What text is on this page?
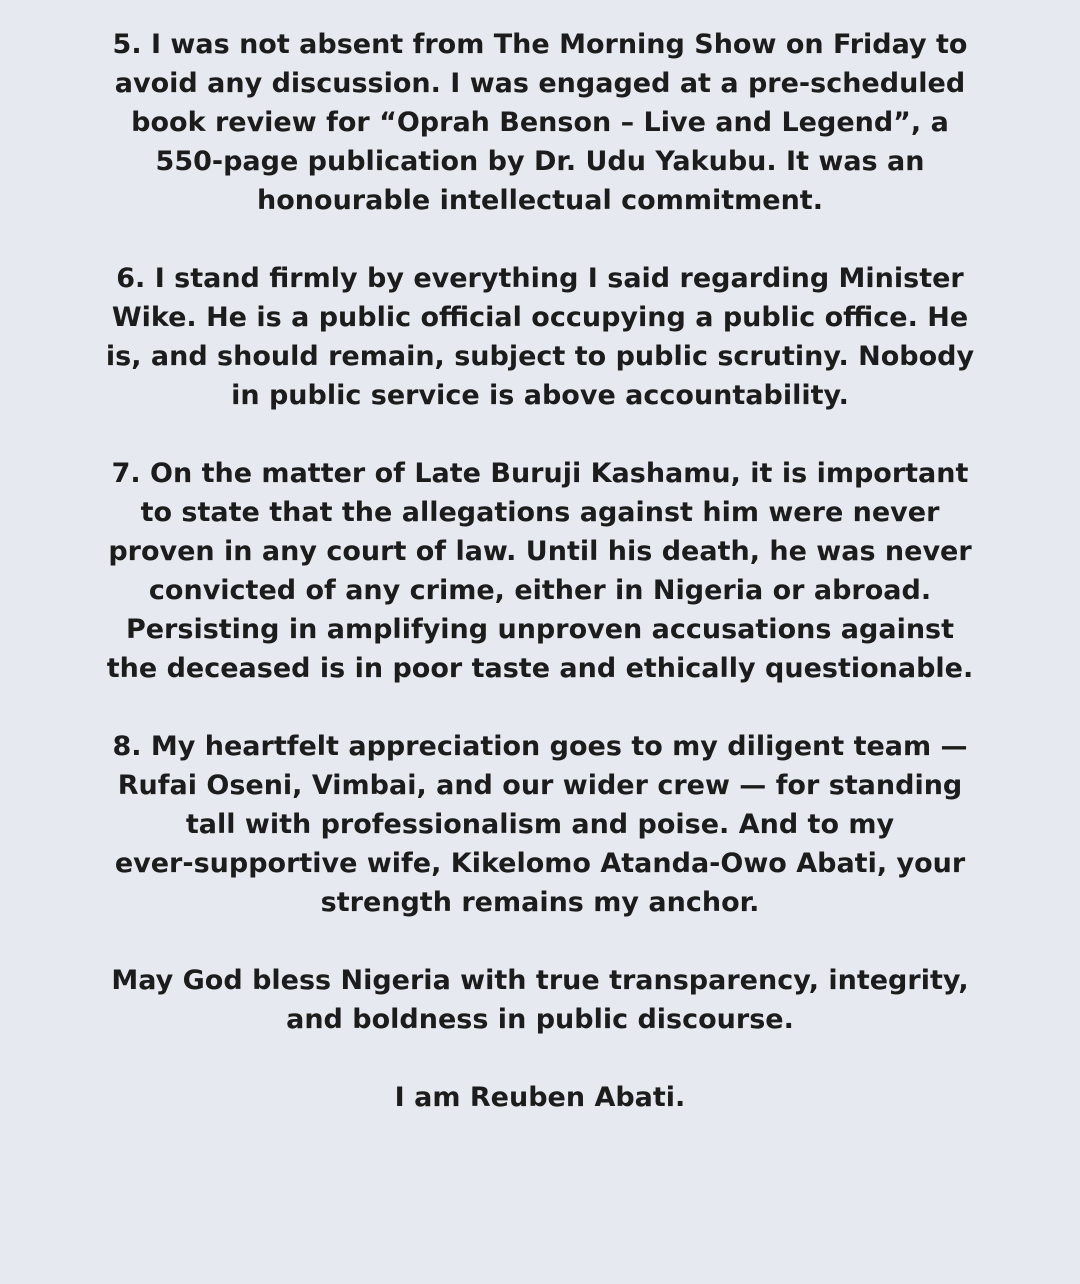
5. I was not absent from The Morning Show on Friday to
avoid any discussion. I was engaged at a pre-scheduled
book review for “Oprah Benson – Live and Legend”, a
550-page publication by Dr. Udu Yakubu. It was an
honourable intellectual commitment.

6. I stand firmly by everything I said regarding Minister
Wike. He is a public official occupying a public office. He
is, and should remain, subject to public scrutiny. Nobody
in public service is above accountability.

7. On the matter of Late Buruji Kashamu, it is important
to state that the allegations against him were never
proven in any court of law. Until his death, he was never
convicted of any crime, either in Nigeria or abroad.
Persisting in amplifying unproven accusations against
the deceased is in poor taste and ethically questionable.

8. My heartfelt appreciation goes to my diligent team —
Rufai Oseni, Vimbai, and our wider crew — for standing
tall with professionalism and poise. And to my
ever-supportive wife, Kikelomo Atanda-Owo Abati, your
strength remains my anchor.

May God bless Nigeria with true transparency, integrity,
and boldness in public discourse.

I am Reuben Abati.
